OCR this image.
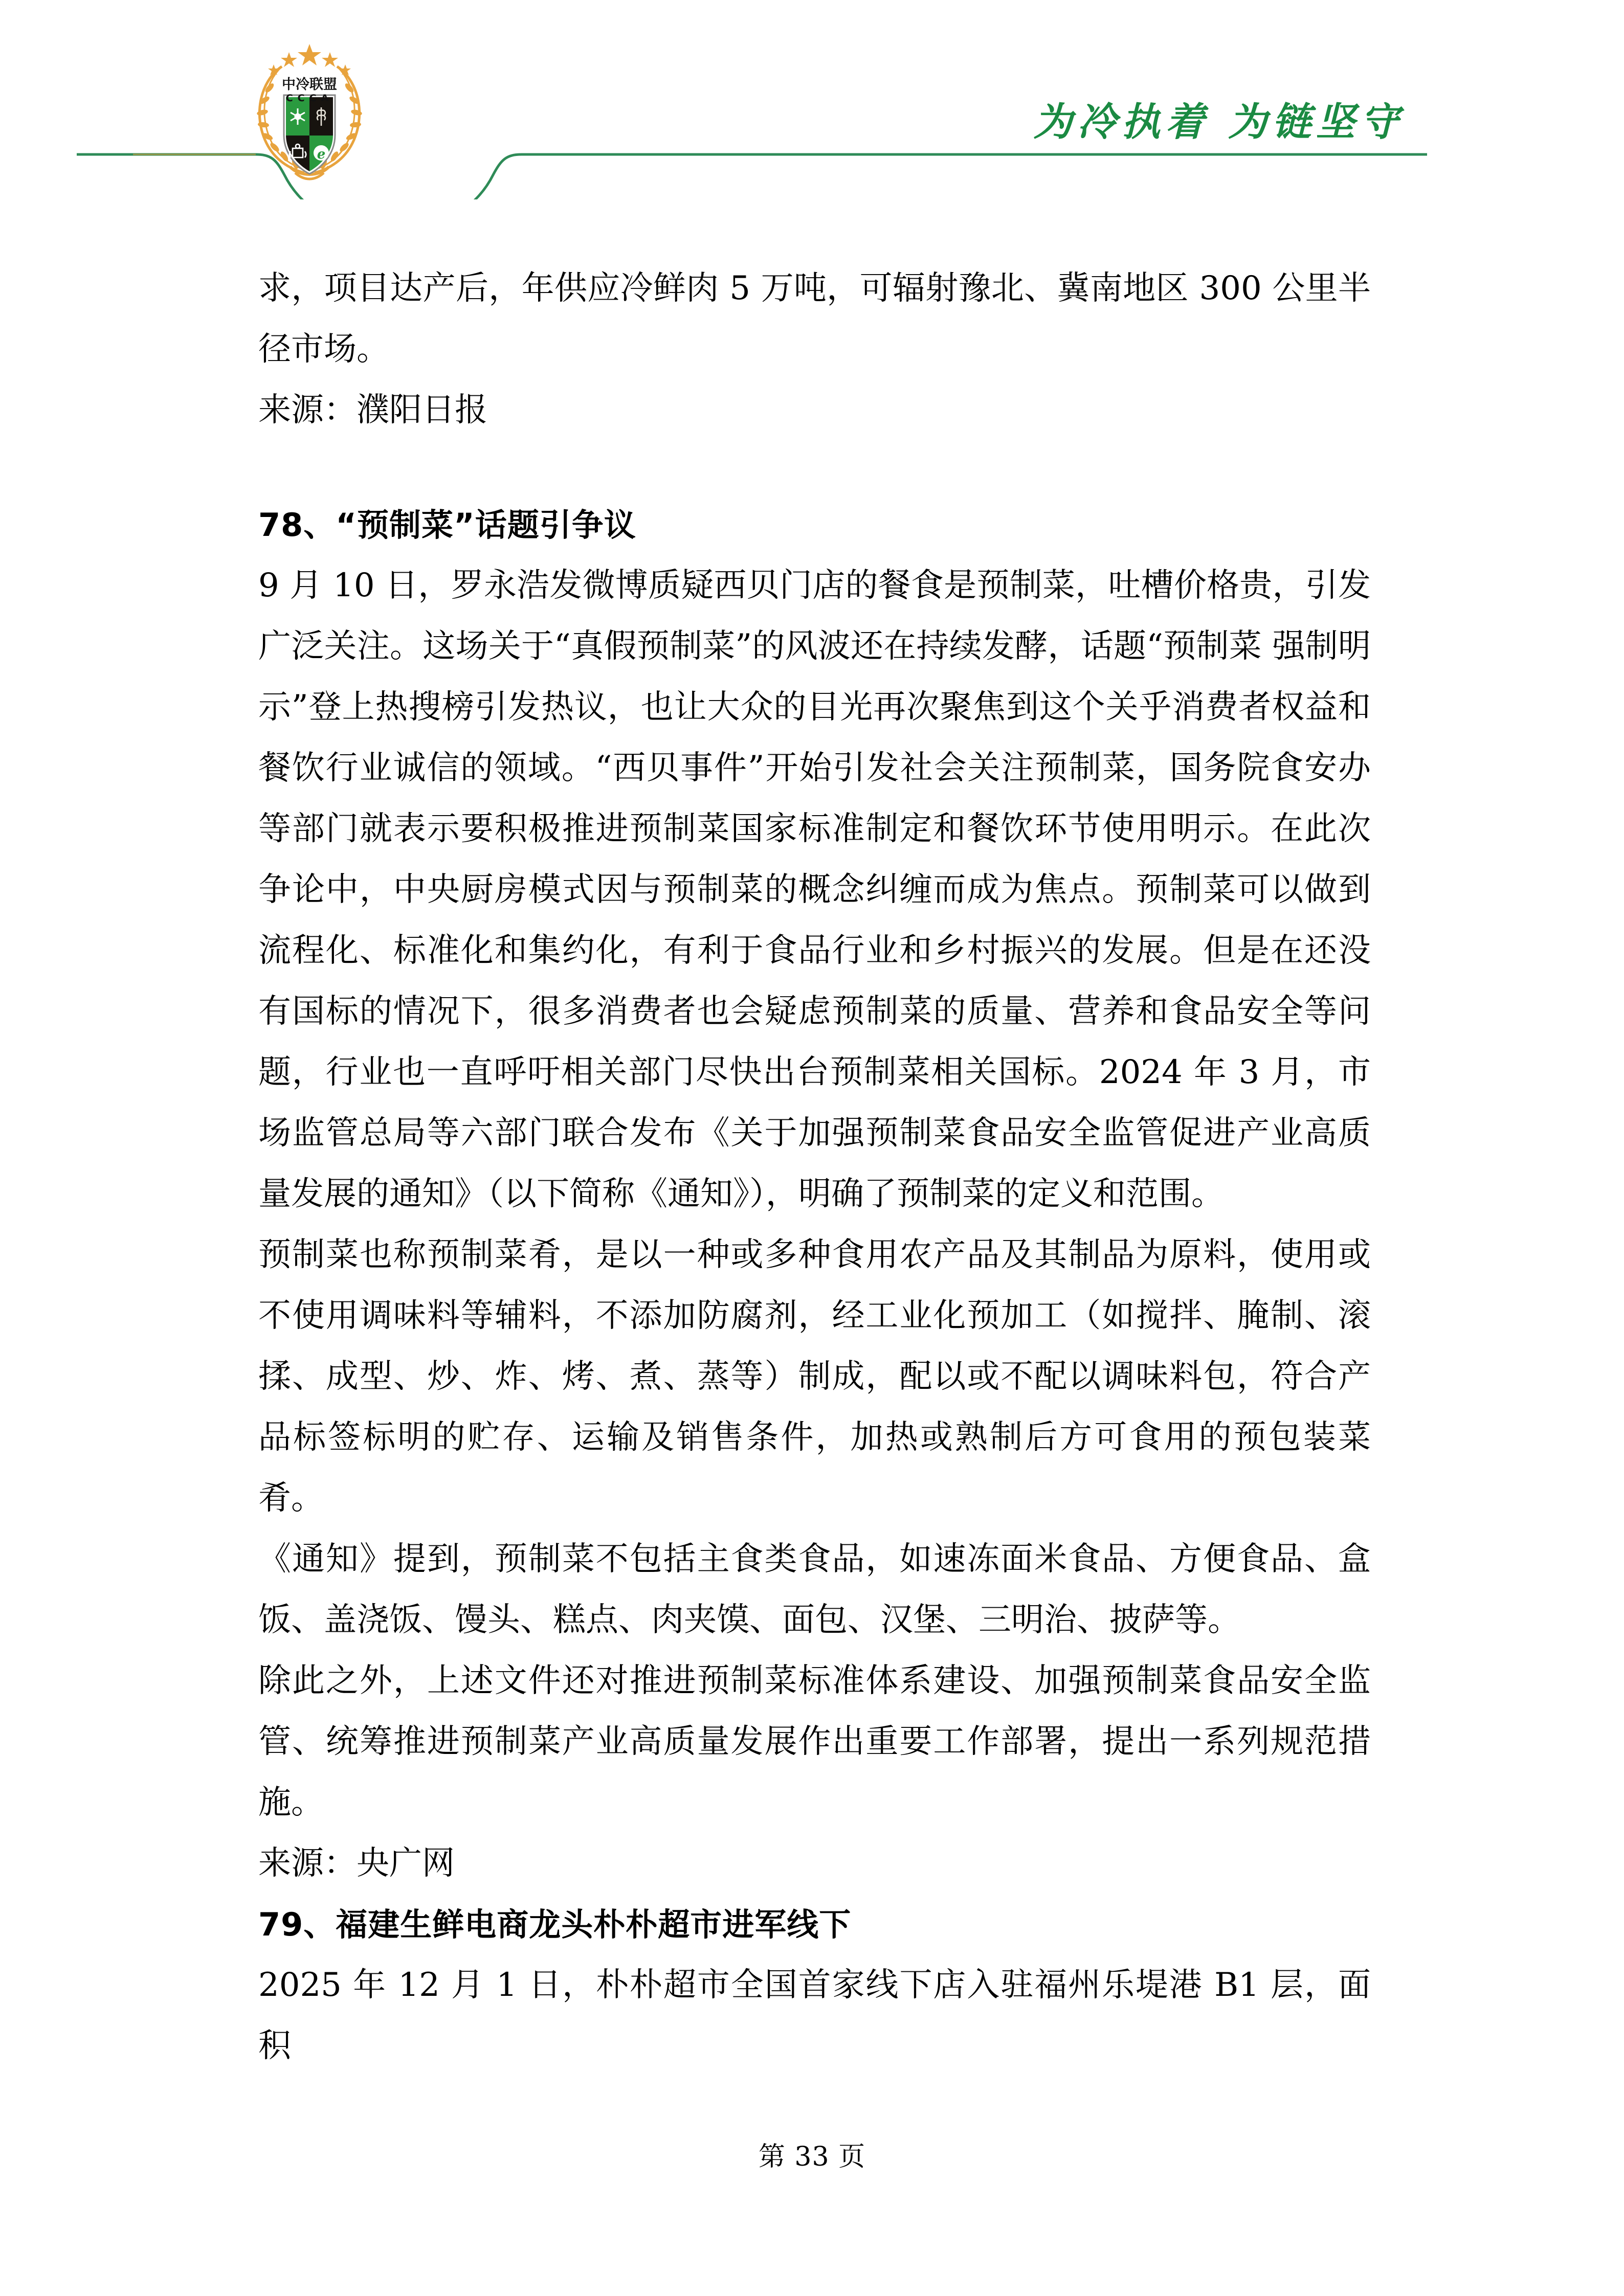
e
中冷联盟
CCCA
为冷执着 为链坚守

求，项目达产后，年供应冷鲜肉 5 万吨，可辐射豫北、冀南地区 300 公里半径市场。

来源：濮阳日报

78、“预制菜”话题引争议

9 月 10 日，罗永浩发微博质疑西贝门店的餐食是预制菜，吐槽价格贵，引发广泛关注。这场关于“真假预制菜”的风波还在持续发酵，话题“预制菜 强制明示”登上热搜榜引发热议，也让大众的目光再次聚焦到这个关乎消费者权益和餐饮行业诚信的领域。“西贝事件”开始引发社会关注预制菜，国务院食安办等部门就表示要积极推进预制菜国家标准制定和餐饮环节使用明示。在此次争论中，中央厨房模式因与预制菜的概念纠缠而成为焦点。预制菜可以做到流程化、标准化和集约化，有利于食品行业和乡村振兴的发展。但是在还没有国标的情况下，很多消费者也会疑虑预制菜的质量、营养和食品安全等问题，行业也一直呼吁相关部门尽快出台预制菜相关国标。2024 年 3 月，市场监管总局等六部门联合发布《关于加强预制菜食品安全监管促进产业高质量发展的通知》（以下简称《通知》），明确了预制菜的定义和范围。

预制菜也称预制菜肴，是以一种或多种食用农产品及其制品为原料，使用或不使用调味料等辅料，不添加防腐剂，经工业化预加工（如搅拌、腌制、滚揉、成型、炒、炸、烤、煮、蒸等）制成，配以或不配以调味料包，符合产品标签标明的贮存、运输及销售条件，加热或熟制后方可食用的预包装菜肴。

《通知》提到，预制菜不包括主食类食品，如速冻面米食品、方便食品、盒饭、盖浇饭、馒头、糕点、肉夹馍、面包、汉堡、三明治、披萨等。

除此之外，上述文件还对推进预制菜标准体系建设、加强预制菜食品安全监管、统筹推进预制菜产业高质量发展作出重要工作部署，提出一系列规范措施。

来源：央广网

79、福建生鲜电商龙头朴朴超市进军线下

2025 年 12 月 1 日，朴朴超市全国首家线下店入驻福州乐堤港 B1 层，面积

第 33 页
